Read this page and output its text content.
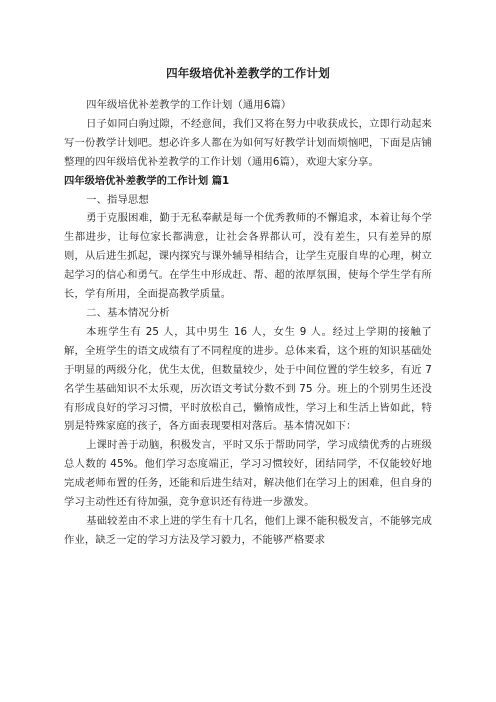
四年级培优补差教学的工作计划

四年级培优补差教学的工作计划（通用6篇）

日子如同白驹过隙，不经意间，我们又将在努力中收获成长，立即行动起来写一份教学计划吧。想必许多人都在为如何写好教学计划而烦恼吧，下面是店铺整理的四年级培优补差教学的工作计划（通用6篇），欢迎大家分享。

四年级培优补差教学的工作计划 篇1

一、指导思想

勇于克服困难，勤于无私奉献是每一个优秀教师的不懈追求，本着让每个学生都进步，让每位家长都满意，让社会各界都认可，没有差生，只有差异的原则，从后进生抓起，课内探究与课外辅导相结合，让学生克服自卑的心理，树立起学习的信心和勇气。在学生中形成赶、帮、超的浓厚氛围，使每个学生学有所长，学有所用，全面提高教学质量。

二、基本情况分析

本班学生有 25 人，其中男生 16 人，女生 9 人。经过上学期的接触了解，全班学生的语文成绩有了不同程度的进步。总体来看，这个班的知识基础处于明显的两级分化，优生太优，但数量较少，处于中间位置的学生较多，有近 7 名学生基础知识不太乐观，历次语文考试分数不到 75 分。班上的个别男生还没有形成良好的学习习惯，平时放松自己，懒惰成性，学习上和生活上皆如此，特别是特殊家庭的孩子，各方面表现要相对落后。基本情况如下：

上课时善于动脑，积极发言，平时又乐于帮助同学，学习成绩优秀的占班级总人数的 45%。他们学习态度端正，学习习惯较好，团结同学，不仅能较好地完成老师布置的任务，还能和后进生结对，解决他们在学习上的困难，但自身的学习主动性还有待加强，竞争意识还有待进一步激发。

基础较差由不求上进的学生有十几名，他们上课不能积极发言，不能够完成作业，缺乏一定的学习方法及学习毅力，不能够严格要求
